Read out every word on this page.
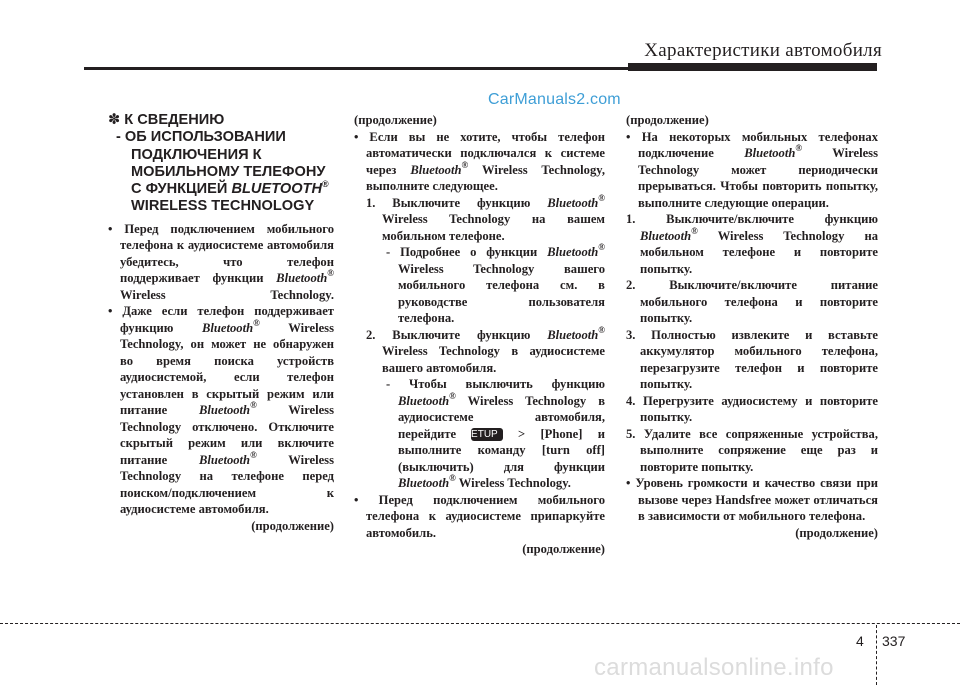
Характеристики автомобиля
CarManuals2.com
✽ К СВЕДЕНИЮ
- ОБ ИСПОЛЬЗОВАНИИ
ПОДКЛЮЧЕНИЯ К
МОБИЛЬНОМУ ТЕЛЕФОНУ
С ФУНКЦИЕЙ BLUETOOTH®
WIRELESS TECHNOLOGY

• Перед подключением мобильного телефона к аудиосистеме автомобиля убедитесь, что телефон поддерживает функции Bluetooth® Wireless Technology.

• Даже если телефон поддерживает функцию Bluetooth® Wireless Technology, он может не обнаружен во время поиска устройств аудиосистемой, если телефон установлен в скрытый режим или питание	Bluetooth® Wireless Technology отключено. Отключите скрытый режим или включите питание	Bluetooth® Wireless Technology на телефоне перед поиском/подключением к аудиосистеме автомобиля.

(продолжение)

(продолжение)

• Если вы не хотите, чтобы телефон автоматически подключался к системе через Bluetooth® Wireless Technology, выполните следующее.

1. Выключите функцию Bluetooth® Wireless Technology на вашем мобильном телефоне.

- Подробнее о функции Bluetooth® Wireless Technology вашего мобильного телефона см. в руководстве пользователя телефона.

2. Выключите функцию Bluetooth® Wireless Technology в аудиосистеме вашего автомобиля.

- Чтобы выключить функцию Bluetooth® Wireless Technology в аудиосистеме автомобиля, перейдите SETUP > [Phone] и выполните команду [turn off] (выключить) для функции Bluetooth® Wireless Technology.

• Перед подключением мобильного телефона к аудиосистеме припаркуйте автомобиль.

(продолжение)

(продолжение)

• На некоторых мобильных телефонах подключение Bluetooth® Wireless Technology может периодически прерываться. Чтобы повторить попытку, выполните следующие операции.

1. Выключите/включите функцию Bluetooth® Wireless Technology на мобильном телефоне и повторите попытку.

2. Выключите/включите питание мобильного телефона и повторите попытку.

3. Полностью извлеките и вставьте аккумулятор мобильного телефона, перезагрузите телефон и повторите попытку.

4. Перегрузите аудиосистему и повторите попытку.

5. Удалите все сопряженные устройства, выполните сопряжение еще раз и повторите попытку.

• Уровень громкости и качество связи при вызове через Handsfree может отличаться в зависимости от мобильного телефона.

(продолжение)

4 337
carmanualsonline.info
